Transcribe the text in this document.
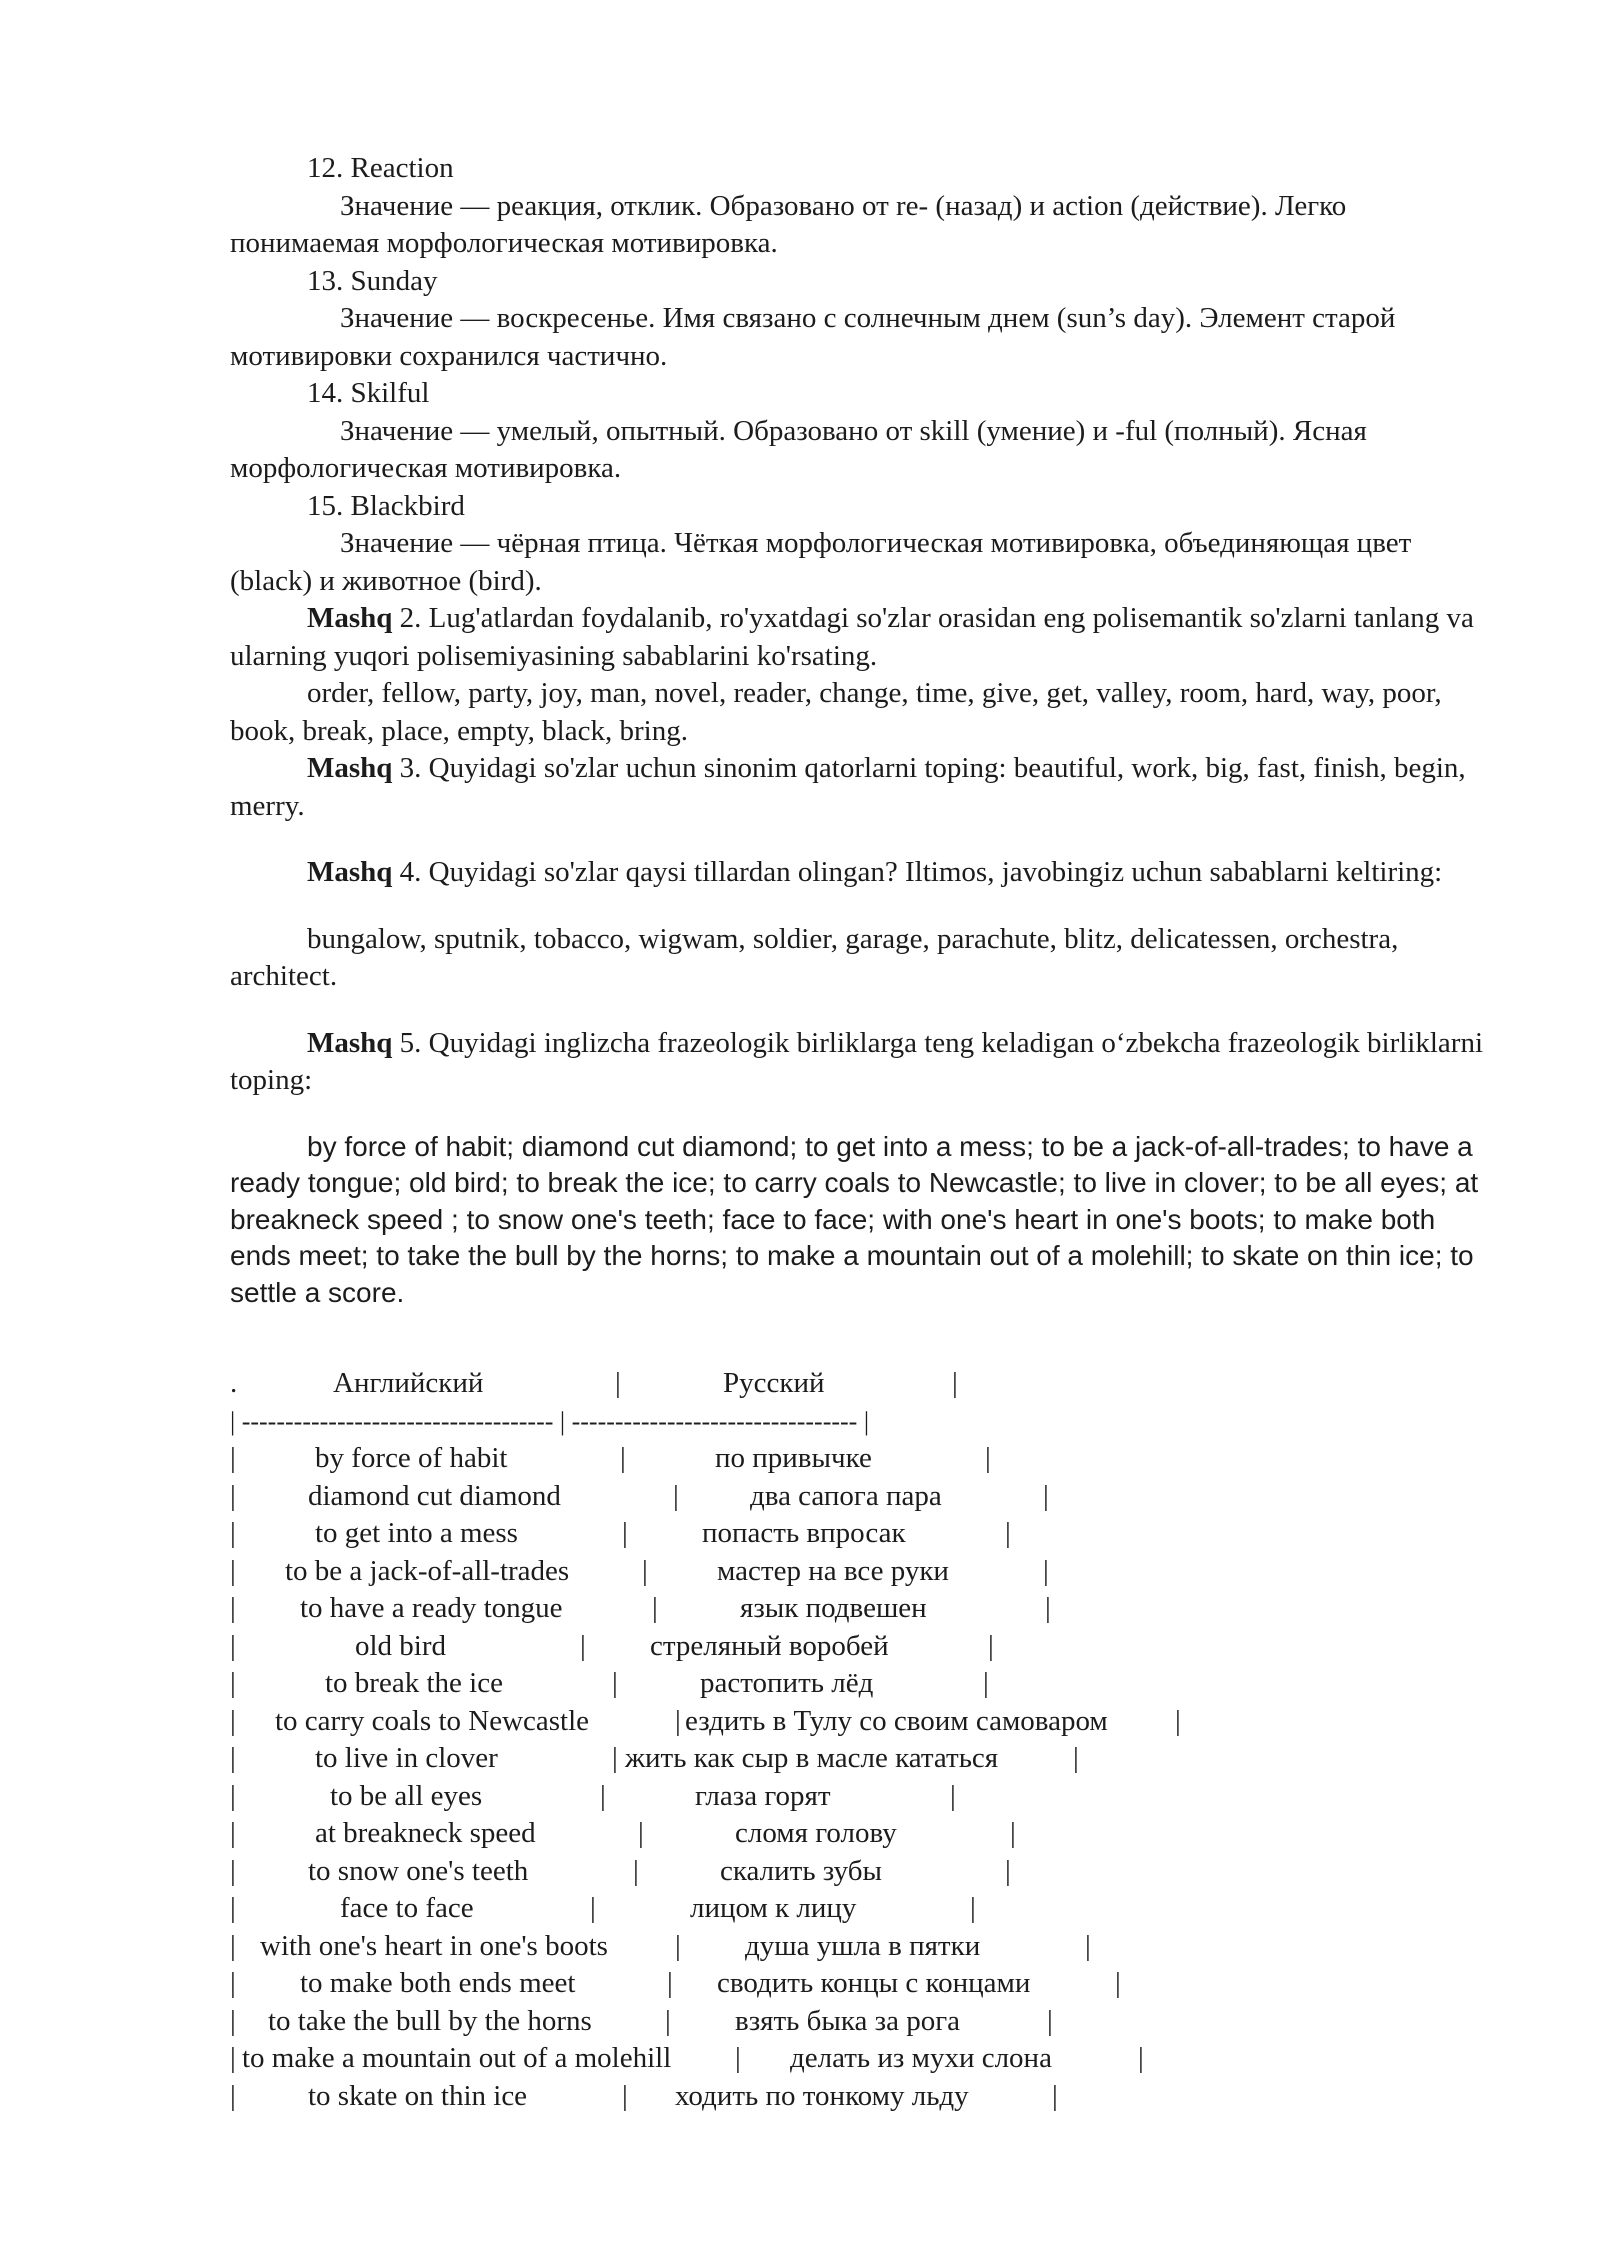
12. Reaction

Значение — реакция, отклик. Образовано от re- (назад) и action (действие). Легко понимаемая морфологическая мотивировка.

13. Sunday

Значение — воскресенье. Имя связано с солнечным днем (sun’s day). Элемент старой мотивировки сохранился частично.

14. Skilful

Значение — умелый, опытный. Образовано от skill (умение) и -ful (полный). Ясная морфологическая мотивировка.

15. Blackbird

Значение — чёрная птица. Чёткая морфологическая мотивировка, объединяющая цвет (black) и животное (bird).

Mashq 2. Lug'atlardan foydalanib, ro'yxatdagi so'zlar orasidan eng polisemantik so'zlarni tanlang va ularning yuqori polisemiyasining sabablarini ko'rsating.

order, fellow, party, joy, man, novel, reader, change, time, give, get, valley, room, hard, way, poor, book, break, place, empty, black, bring.

Mashq 3. Quyidagi so'zlar uchun sinonim qatorlarni toping: beautiful, work, big, fast, finish, begin, merry.

Mashq 4. Quyidagi so'zlar qaysi tillardan olingan? Iltimos, javobingiz uchun sabablarni keltiring:

bungalow, sputnik, tobacco, wigwam, soldier, garage, parachute, blitz, delicatessen, orchestra, architect.

Mashq 5. Quyidagi inglizcha frazeologik birliklarga teng keladigan oʻzbekcha frazeologik birliklarni toping:

by force of habit; diamond cut diamond; to get into a mess; to be a jack-of-all-trades; to have a ready tongue; old bird; to break the ice; to carry coals to Newcastle; to live in clover; to be all eyes; at breakneck speed ; to snow one's teeth; face to face; with one's heart in one's boots; to make both ends meet; to take the bull by the horns; to make a mountain out of a molehill; to skate on thin ice; to settle a score.

.	Английский	|	Русский	|
| ------------------------------------ | --------------------------------- |
|	by force of habit	|	по привычке	|
| diamond cut diamond	| два сапога пара	|
|	to get into a mess	|	попасть впросак	|
| to be a jack-of-all-trades	| мастер на все руки	|
| to have a ready tongue	|	язык подвешен	|
|	old bird	| стреляный воробей	|
|	to break the ice	|	растопить лёд	|
| to carry coals to Newcastle	| ездить в Тулу со своим самоваром |
|	to live in clover	| жить как сыр в масле кататься	|
|	to be all eyes	|	глаза горят	|
|	at breakneck speed	|	сломя голову	|
| to snow one's teeth	|	скалить зубы	|
|	face to face	|	лицом к лицу	|
| with one's heart in one's boots | душа ушла в пятки	|
| to make both ends meet	| сводить концы с концами	|
| to take the bull by the horns	| взять быка за рога	|
| to make a mountain out of a molehill | делать из мухи слона	|
| to skate on thin ice	| ходить по тонкому льду	|
